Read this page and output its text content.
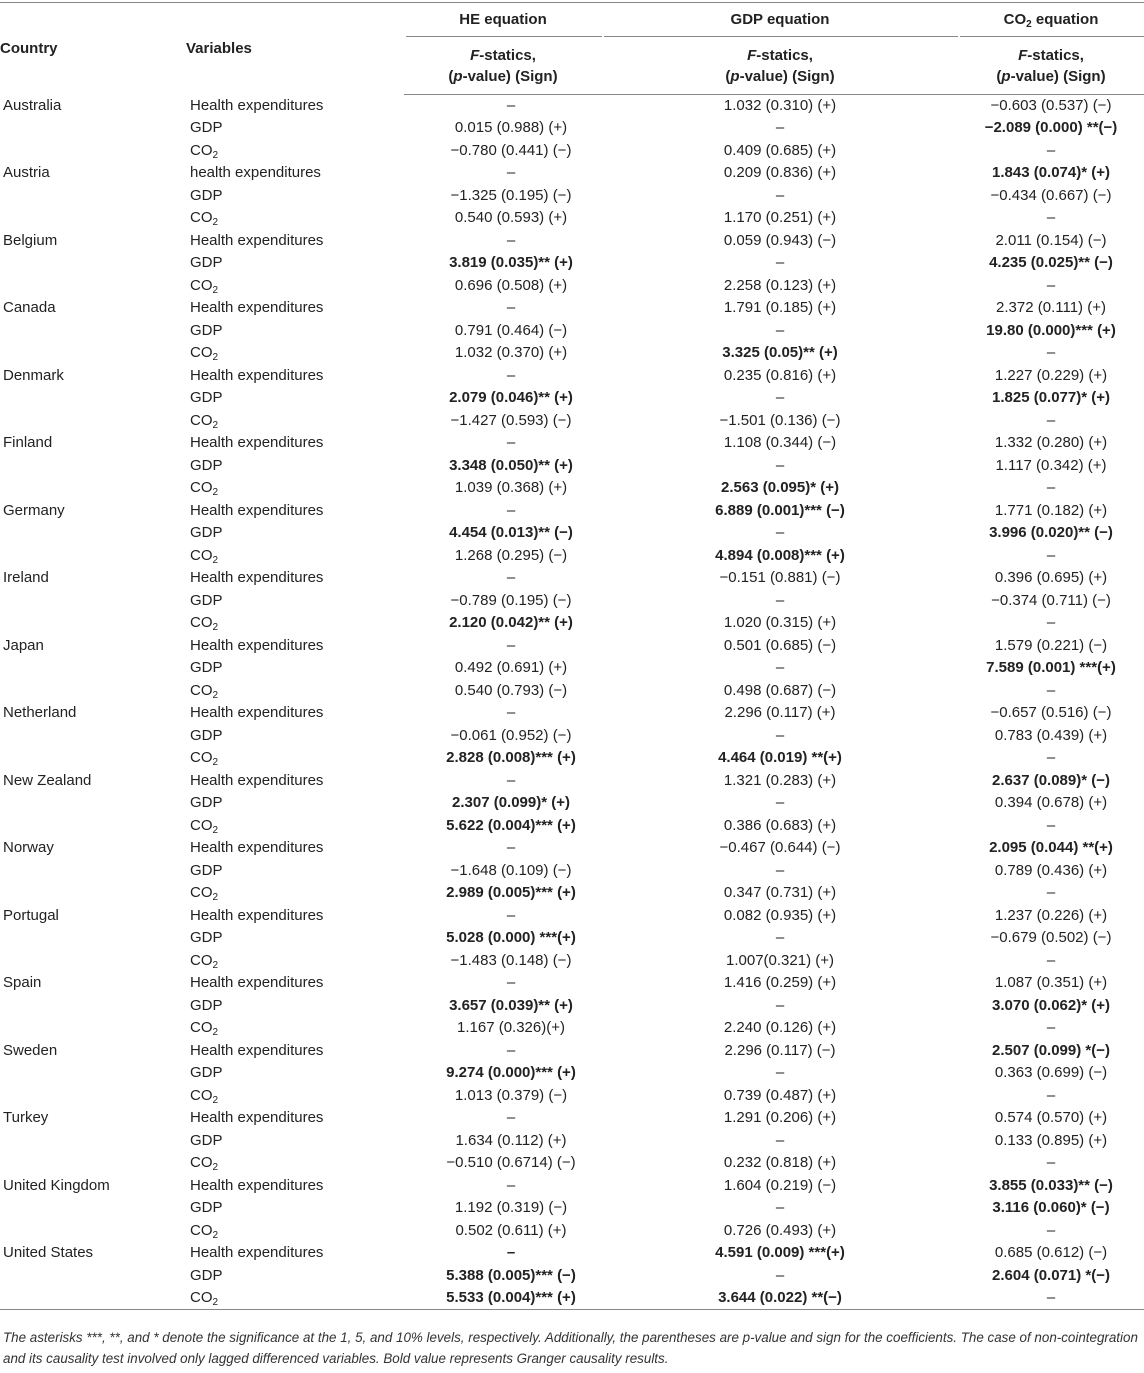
Country	Variables	HE equation	GDP equation	$CO_2$ equation

		F-statics,
(p-value) (Sign)	F-statics,
(p-value) (Sign)	F-statics,
(p-value) (Sign)

Australia	Health expenditures	–	1.032 (0.310) (+)	−0.603 (0.537) (−)
	GDP	0.015 (0.988) (+)	–	−2.089 (0.000) **(−)
	$CO_2$	−0.780 (0.441) (−)	0.409 (0.685) (+)	–
Austria	health expenditures	–	0.209 (0.836) (+)	1.843 (0.074)* (+)
	GDP	−1.325 (0.195) (−)	–	−0.434 (0.667) (−)
	$CO_2$	0.540 (0.593) (+)	1.170 (0.251) (+)	–
Belgium	Health expenditures	–	0.059 (0.943) (−)	2.011 (0.154) (−)
	GDP	3.819 (0.035)** (+)	–	4.235 (0.025)** (−)
	$CO_2$	0.696 (0.508) (+)	2.258 (0.123) (+)	–
Canada	Health expenditures	–	1.791 (0.185) (+)	2.372 (0.111) (+)
	GDP	0.791 (0.464) (−)	–	19.80 (0.000)*** (+)
	$CO_2$	1.032 (0.370) (+)	3.325 (0.05)** (+)	–
Denmark	Health expenditures	–	0.235 (0.816) (+)	1.227 (0.229) (+)
	GDP	2.079 (0.046)** (+)	–	1.825 (0.077)* (+)
	$CO_2$	−1.427 (0.593) (−)	−1.501 (0.136) (−)	–
Finland	Health expenditures	–	1.108 (0.344) (−)	1.332 (0.280) (+)
	GDP	3.348 (0.050)** (+)	–	1.117 (0.342) (+)
	$CO_2$	1.039 (0.368) (+)	2.563 (0.095)* (+)	–
Germany	Health expenditures	–	6.889 (0.001)*** (−)	1.771 (0.182) (+)
	GDP	4.454 (0.013)** (−)	–	3.996 (0.020)** (−)
	$CO_2$	1.268 (0.295) (−)	4.894 (0.008)*** (+)	–
Ireland	Health expenditures	–	−0.151 (0.881) (−)	0.396 (0.695) (+)
	GDP	−0.789 (0.195) (−)	–	−0.374 (0.711) (−)
	$CO_2$	2.120 (0.042)** (+)	1.020 (0.315) (+)	–
Japan	Health expenditures	–	0.501 (0.685) (−)	1.579 (0.221) (−)
	GDP	0.492 (0.691) (+)	–	7.589 (0.001) ***(+)
	$CO_2$	0.540 (0.793) (−)	0.498 (0.687) (−)	–
Netherland	Health expenditures	–	2.296 (0.117) (+)	−0.657 (0.516) (−)
	GDP	−0.061 (0.952) (−)	–	0.783 (0.439) (+)
	$CO_2$	2.828 (0.008)*** (+)	4.464 (0.019) **(+)	–
New Zealand	Health expenditures	–	1.321 (0.283) (+)	2.637 (0.089)* (−)
	GDP	2.307 (0.099)* (+)	–	0.394 (0.678) (+)
	$CO_2$	5.622 (0.004)*** (+)	0.386 (0.683) (+)	–
Norway	Health expenditures	–	−0.467 (0.644) (−)	2.095 (0.044) **(+)
	GDP	−1.648 (0.109) (−)	–	0.789 (0.436) (+)
	$CO_2$	2.989 (0.005)*** (+)	0.347 (0.731) (+)	–
Portugal	Health expenditures	–	0.082 (0.935) (+)	1.237 (0.226) (+)
	GDP	5.028 (0.000) ***(+)	–	−0.679 (0.502) (−)
	$CO_2$	−1.483 (0.148) (−)	1.007(0.321) (+)	–
Spain	Health expenditures	–	1.416 (0.259) (+)	1.087 (0.351) (+)
	GDP	3.657 (0.039)** (+)	–	3.070 (0.062)* (+)
	$CO_2$	1.167 (0.326)(+)	2.240 (0.126) (+)	–
Sweden	Health expenditures	–	2.296 (0.117) (−)	2.507 (0.099) *(−)
	GDP	9.274 (0.000)*** (+)	–	0.363 (0.699) (−)
	$CO_2$	1.013 (0.379) (−)	0.739 (0.487) (+)	–
Turkey	Health expenditures	–	1.291 (0.206) (+)	0.574 (0.570) (+)
	GDP	1.634 (0.112) (+)	–	0.133 (0.895) (+)
	$CO_2$	−0.510 (0.6714) (−)	0.232 (0.818) (+)	–
United Kingdom	Health expenditures	–	1.604 (0.219) (−)	3.855 (0.033)** (−)
	GDP	1.192 (0.319) (−)	–	3.116 (0.060)* (−)
	$CO_2$	0.502 (0.611) (+)	0.726 (0.493) (+)	–
United States	Health expenditures	–	4.591 (0.009) ***(+)	0.685 (0.612) (−)
	GDP	5.388 (0.005)*** (−)	–	2.604 (0.071) *(−)
	$CO_2$	5.533 (0.004)*** (+)	3.644 (0.022) **(−)	–
The asterisks ***, **, and * denote the significance at the 1, 5, and 10% levels, respectively. Additionally, the parentheses are p-value and sign for the coefficients. The case of non-cointegration and its causality test involved only lagged differenced variables. Bold value represents Granger causality results.
